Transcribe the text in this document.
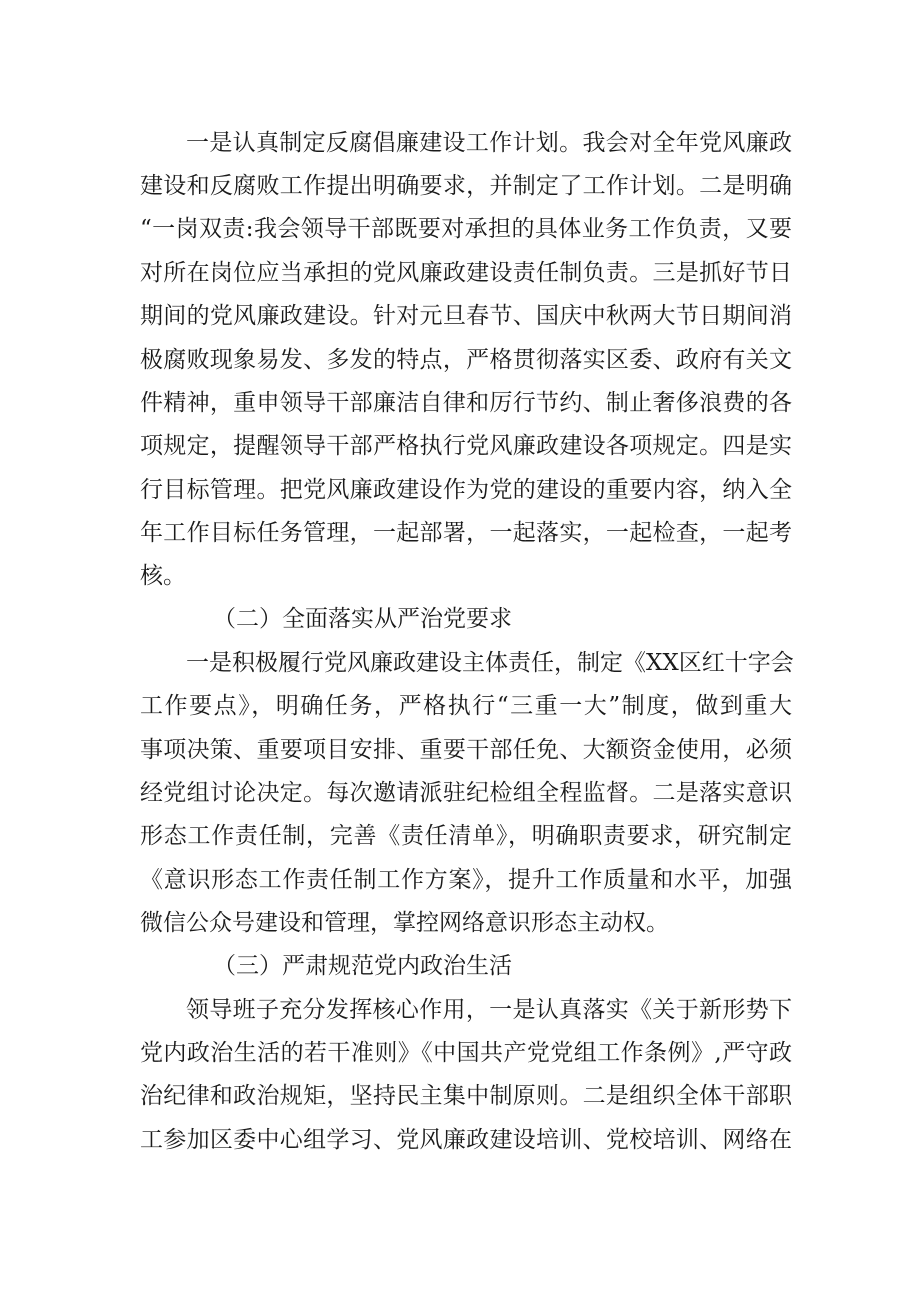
一是认真制定反腐倡廉建设工作计划。我会对全年党风廉政
建设和反腐败工作提出明确要求，并制定了工作计划。二是明确
“一岗双责:我会领导干部既要对承担的具体业务工作负责，又要
对所在岗位应当承担的党风廉政建设责任制负责。三是抓好节日
期间的党风廉政建设。针对元旦春节、国庆中秋两大节日期间消
极腐败现象易发、多发的特点，严格贯彻落实区委、政府有关文
件精神，重申领导干部廉洁自律和厉行节约、制止奢侈浪费的各
项规定，提醒领导干部严格执行党风廉政建设各项规定。四是实
行目标管理。把党风廉政建设作为党的建设的重要内容，纳入全
年工作目标任务管理，一起部署，一起落实，一起检查，一起考
核。
（二）全面落实从严治党要求
一是积极履行党风廉政建设主体责任，制定《XX区红十字会
工作要点》，明确任务，严格执行“三重一大”制度，做到重大
事项决策、重要项目安排、重要干部任免、大额资金使用，必须
经党组讨论决定。每次邀请派驻纪检组全程监督。二是落实意识
形态工作责任制，完善《责任清单》，明确职责要求，研究制定
《意识形态工作责任制工作方案》，提升工作质量和水平，加强
微信公众号建设和管理，掌控网络意识形态主动权。
（三）严肃规范党内政治生活
领导班子充分发挥核心作用，一是认真落实《关于新形势下
党内政治生活的若干准则》《中国共产党党组工作条例》,严守政
治纪律和政治规矩，坚持民主集中制原则。二是组织全体干部职
工参加区委中心组学习、党风廉政建设培训、党校培训、网络在
